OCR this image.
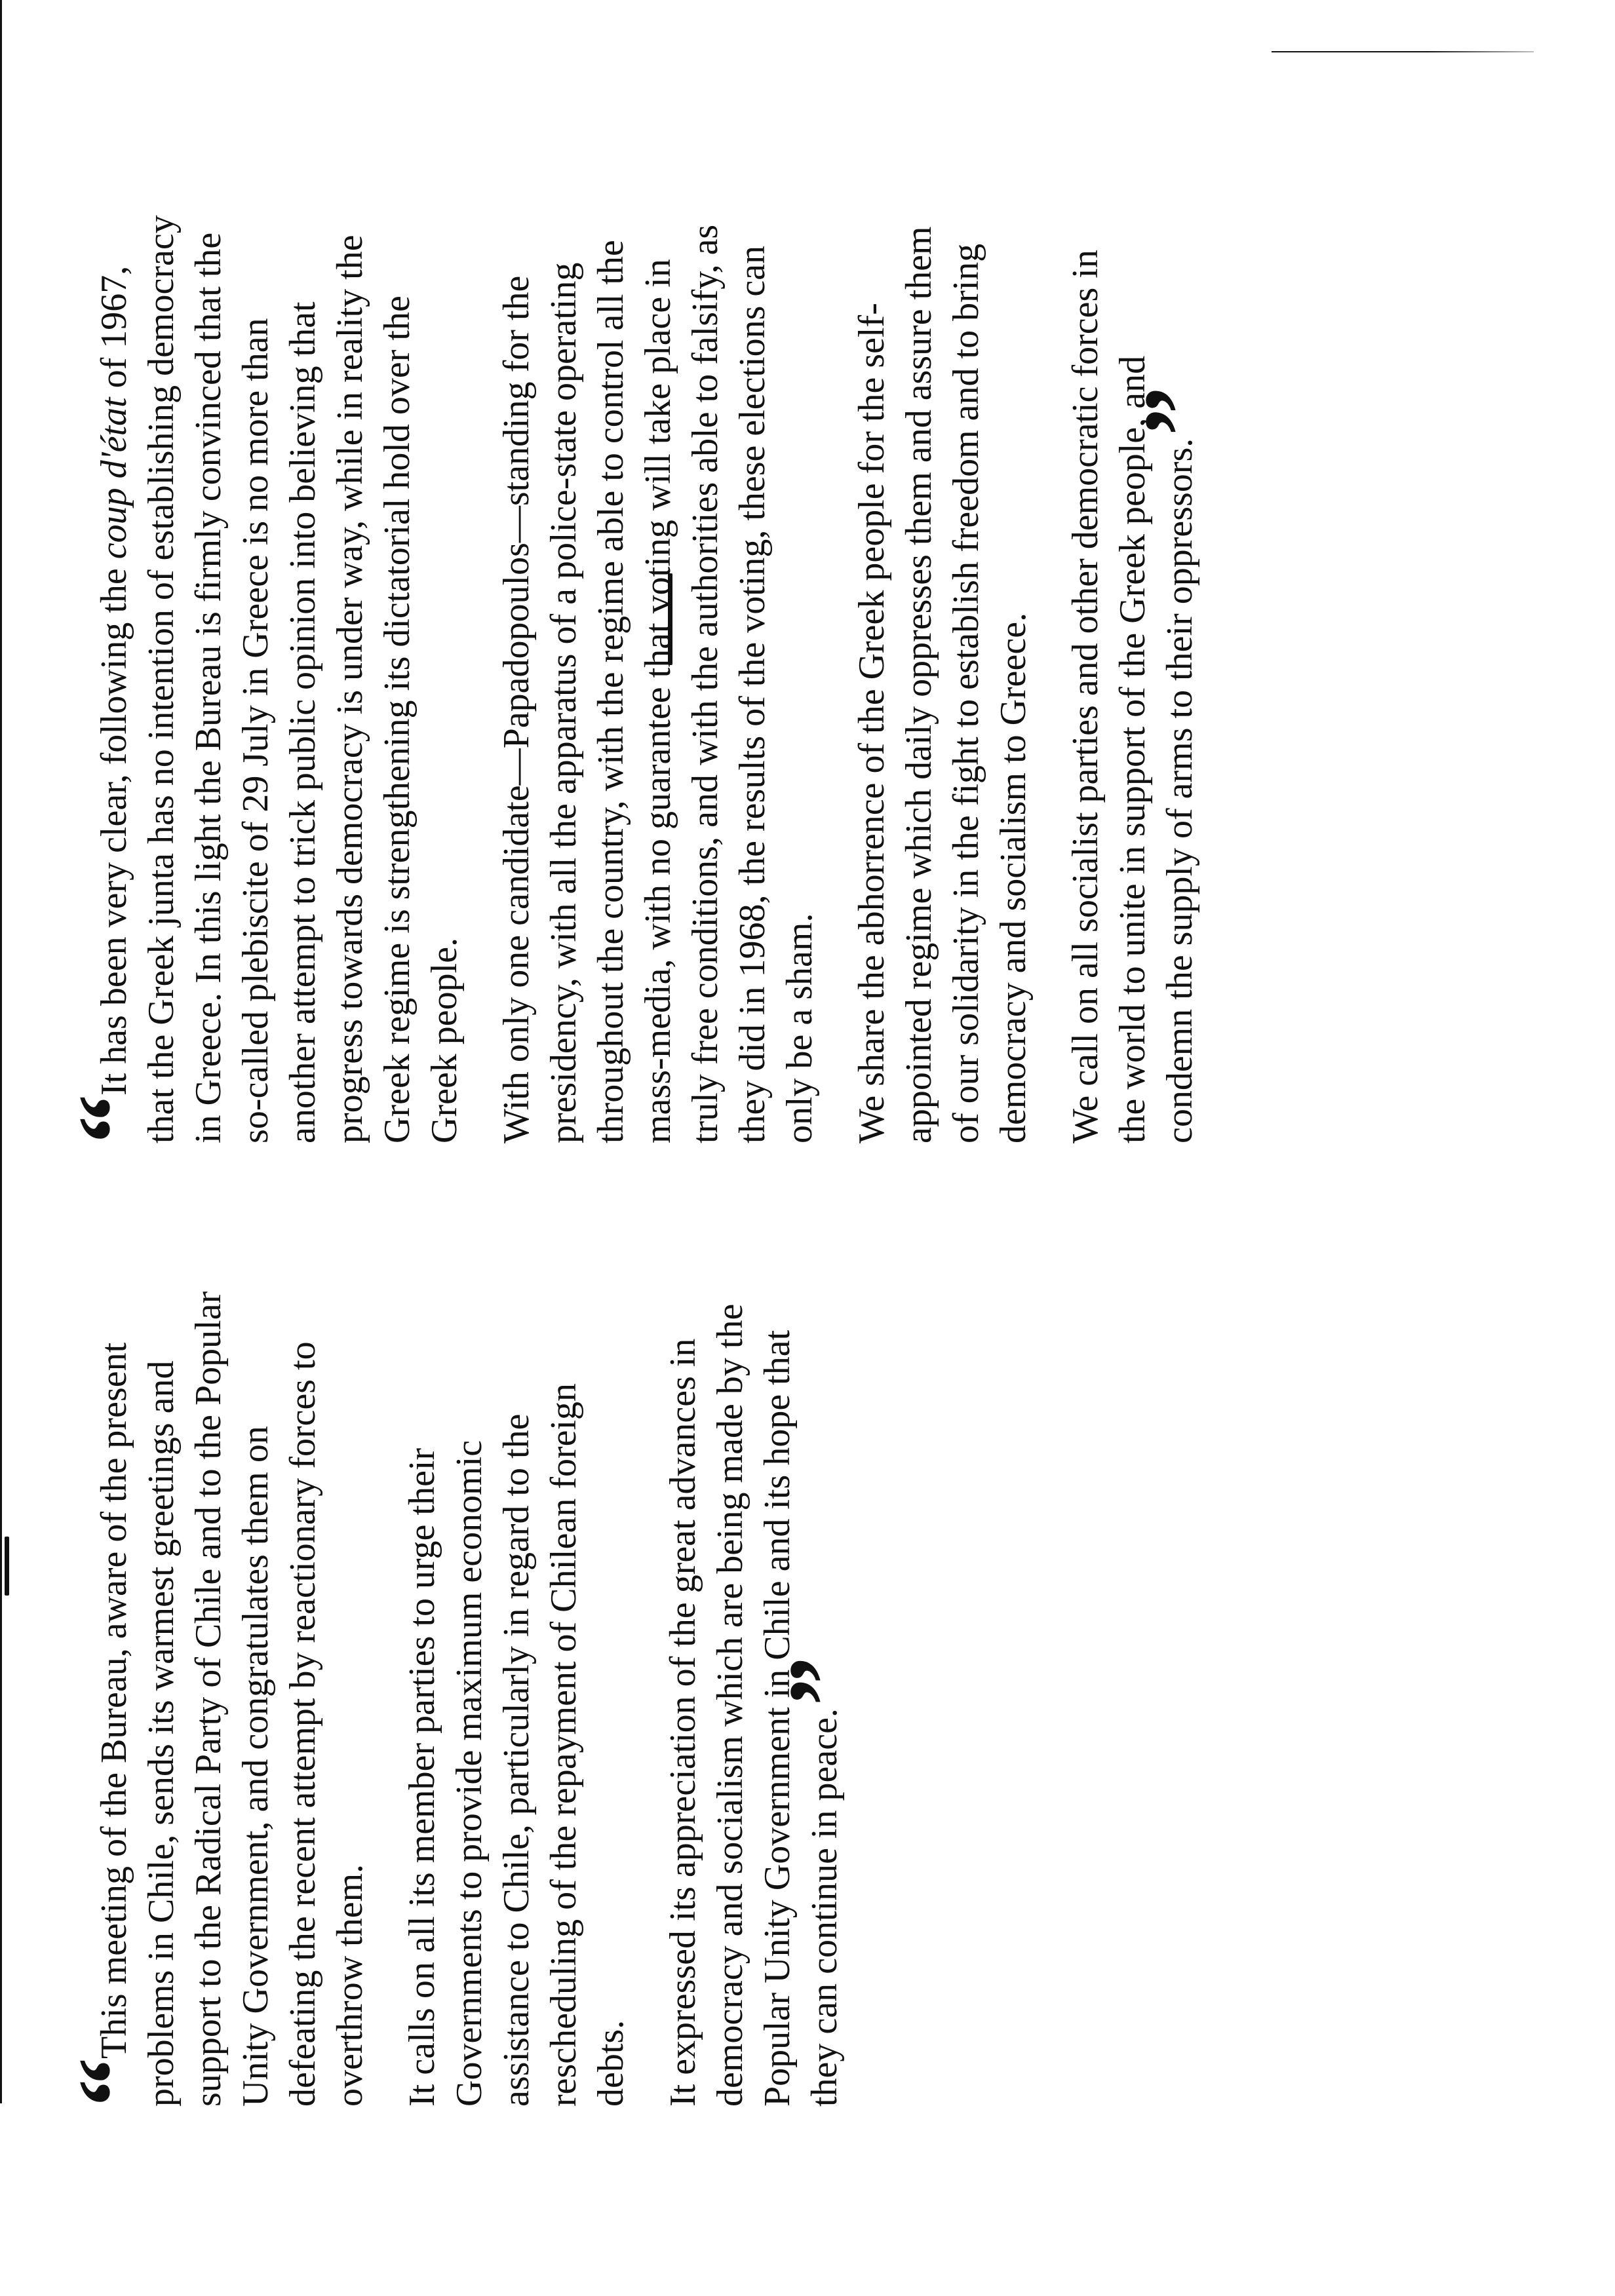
“This meeting of the Bureau, aware of the present problems in Chile, sends its warmest greetings and support to the Radical Party of Chile and to the Popular Unity Government, and congratulates them on defeating the recent attempt by reactionary forces to overthrow them. It calls on all its member parties to urge their Governments to provide maximum economic assistance to Chile, particularly in regard to the rescheduling of the repayment of Chilean foreign debts. It expressed its appreciation of the great advances in democracy and socialism which are being made by the Popular Unity Government in Chile and its hope that they can continue in peace.”

“It has been very clear, following the coup d'état of 1967, that the Greek junta has no intention of establishing democracy in Greece. In this light the Bureau is firmly convinced that the so-called plebiscite of 29 July in Greece is no more than another attempt to trick public opinion into believing that progress towards democracy is under way, while in reality the Greek regime is strengthening its dictatorial hold over the Greek people. With only one candidate—Papadopoulos—standing for the presidency, with all the apparatus of a police-state operating throughout the country, with the regime able to control all the mass-media, with no guarantee that voting will take place in truly free conditions, and with the authorities able to falsify, as they did in 1968, the results of the voting, these elections can only be a sham. We share the abhorrence of the Greek people for the self-appointed regime which daily oppresses them and assure them of our solidarity in the fight to establish freedom and to bring democracy and socialism to Greece. We call on all socialist parties and other democratic forces in the world to unite in support of the Greek people, and condemn the supply of arms to their oppressors.”
